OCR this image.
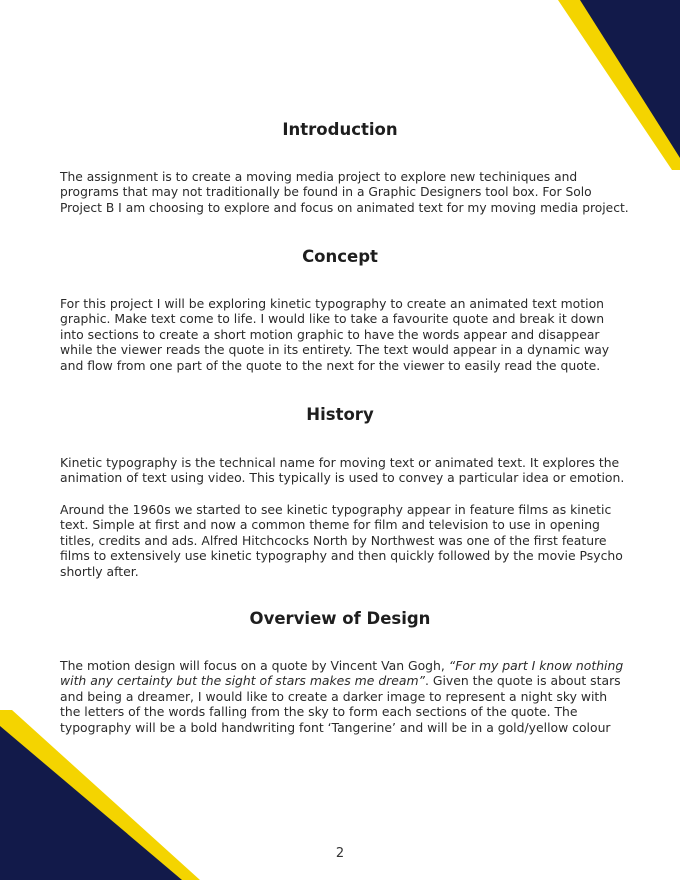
Introduction

The assignment is to create a moving media project to explore new techiniques and
programs that may not traditionally be found in a Graphic Designers tool box. For Solo
Project B I am choosing to explore and focus on animated text for my moving media project.

Concept

For this project I will be exploring kinetic typography to create an animated text motion
graphic. Make text come to life. I would like to take a favourite quote and break it down
into sections to create a short motion graphic to have the words appear and disappear
while the viewer reads the quote in its entirety. The text would appear in a dynamic way
and flow from one part of the quote to the next for the viewer to easily read the quote.

History

Kinetic typography is the technical name for moving text or animated text. It explores the
animation of text using video. This typically is used to convey a particular idea or emotion.

Around the 1960s we started to see kinetic typography appear in feature films as kinetic
text. Simple at first and now a common theme for film and television to use in opening
titles, credits and ads. Alfred Hitchcocks North by Northwest was one of the first feature
films to extensively use kinetic typography and then quickly followed by the movie Psycho
shortly after.

Overview of Design

The motion design will focus on a quote by Vincent Van Gogh, “For my part I know nothing
with any certainty but the sight of stars makes me dream”. Given the quote is about stars
and being a dreamer, I would like to create a darker image to represent a night sky with
the letters of the words falling from the sky to form each sections of the quote. The
typography will be a bold handwriting font ‘Tangerine’ and will be in a gold/yellow colour

2
